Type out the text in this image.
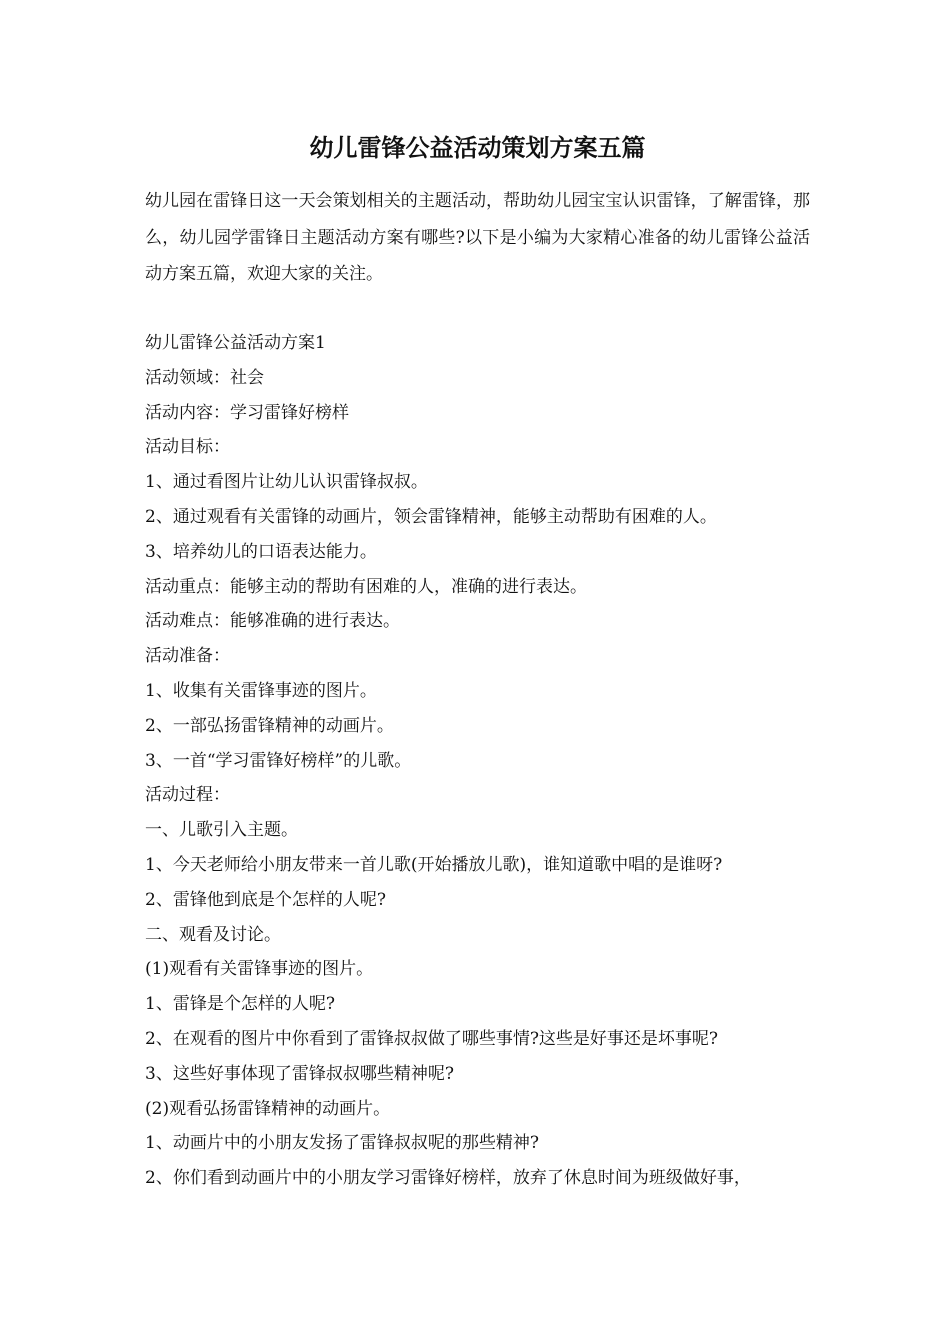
幼儿雷锋公益活动策划方案五篇

幼儿园在雷锋日这一天会策划相关的主题活动，帮助幼儿园宝宝认识雷锋，了解雷锋，那么，幼儿园学雷锋日主题活动方案有哪些?以下是小编为大家精心准备的幼儿雷锋公益活动方案五篇，欢迎大家的关注。

幼儿雷锋公益活动方案1

活动领域：社会

活动内容：学习雷锋好榜样

活动目标：

1、通过看图片让幼儿认识雷锋叔叔。

2、通过观看有关雷锋的动画片，领会雷锋精神，能够主动帮助有困难的人。

3、培养幼儿的口语表达能力。

活动重点：能够主动的帮助有困难的人，准确的进行表达。

活动难点：能够准确的进行表达。

活动准备：

1、收集有关雷锋事迹的图片。

2、一部弘扬雷锋精神的动画片。

3、一首“学习雷锋好榜样”的儿歌。

活动过程：

一、儿歌引入主题。

1、今天老师给小朋友带来一首儿歌(开始播放儿歌)，谁知道歌中唱的是谁呀?

2、雷锋他到底是个怎样的人呢?

二、观看及讨论。

(1)观看有关雷锋事迹的图片。

1、雷锋是个怎样的人呢?

2、在观看的图片中你看到了雷锋叔叔做了哪些事情?这些是好事还是坏事呢?

3、这些好事体现了雷锋叔叔哪些精神呢?

(2)观看弘扬雷锋精神的动画片。

1、动画片中的小朋友发扬了雷锋叔叔呢的那些精神?

2、你们看到动画片中的小朋友学习雷锋好榜样，放弃了休息时间为班级做好事，
